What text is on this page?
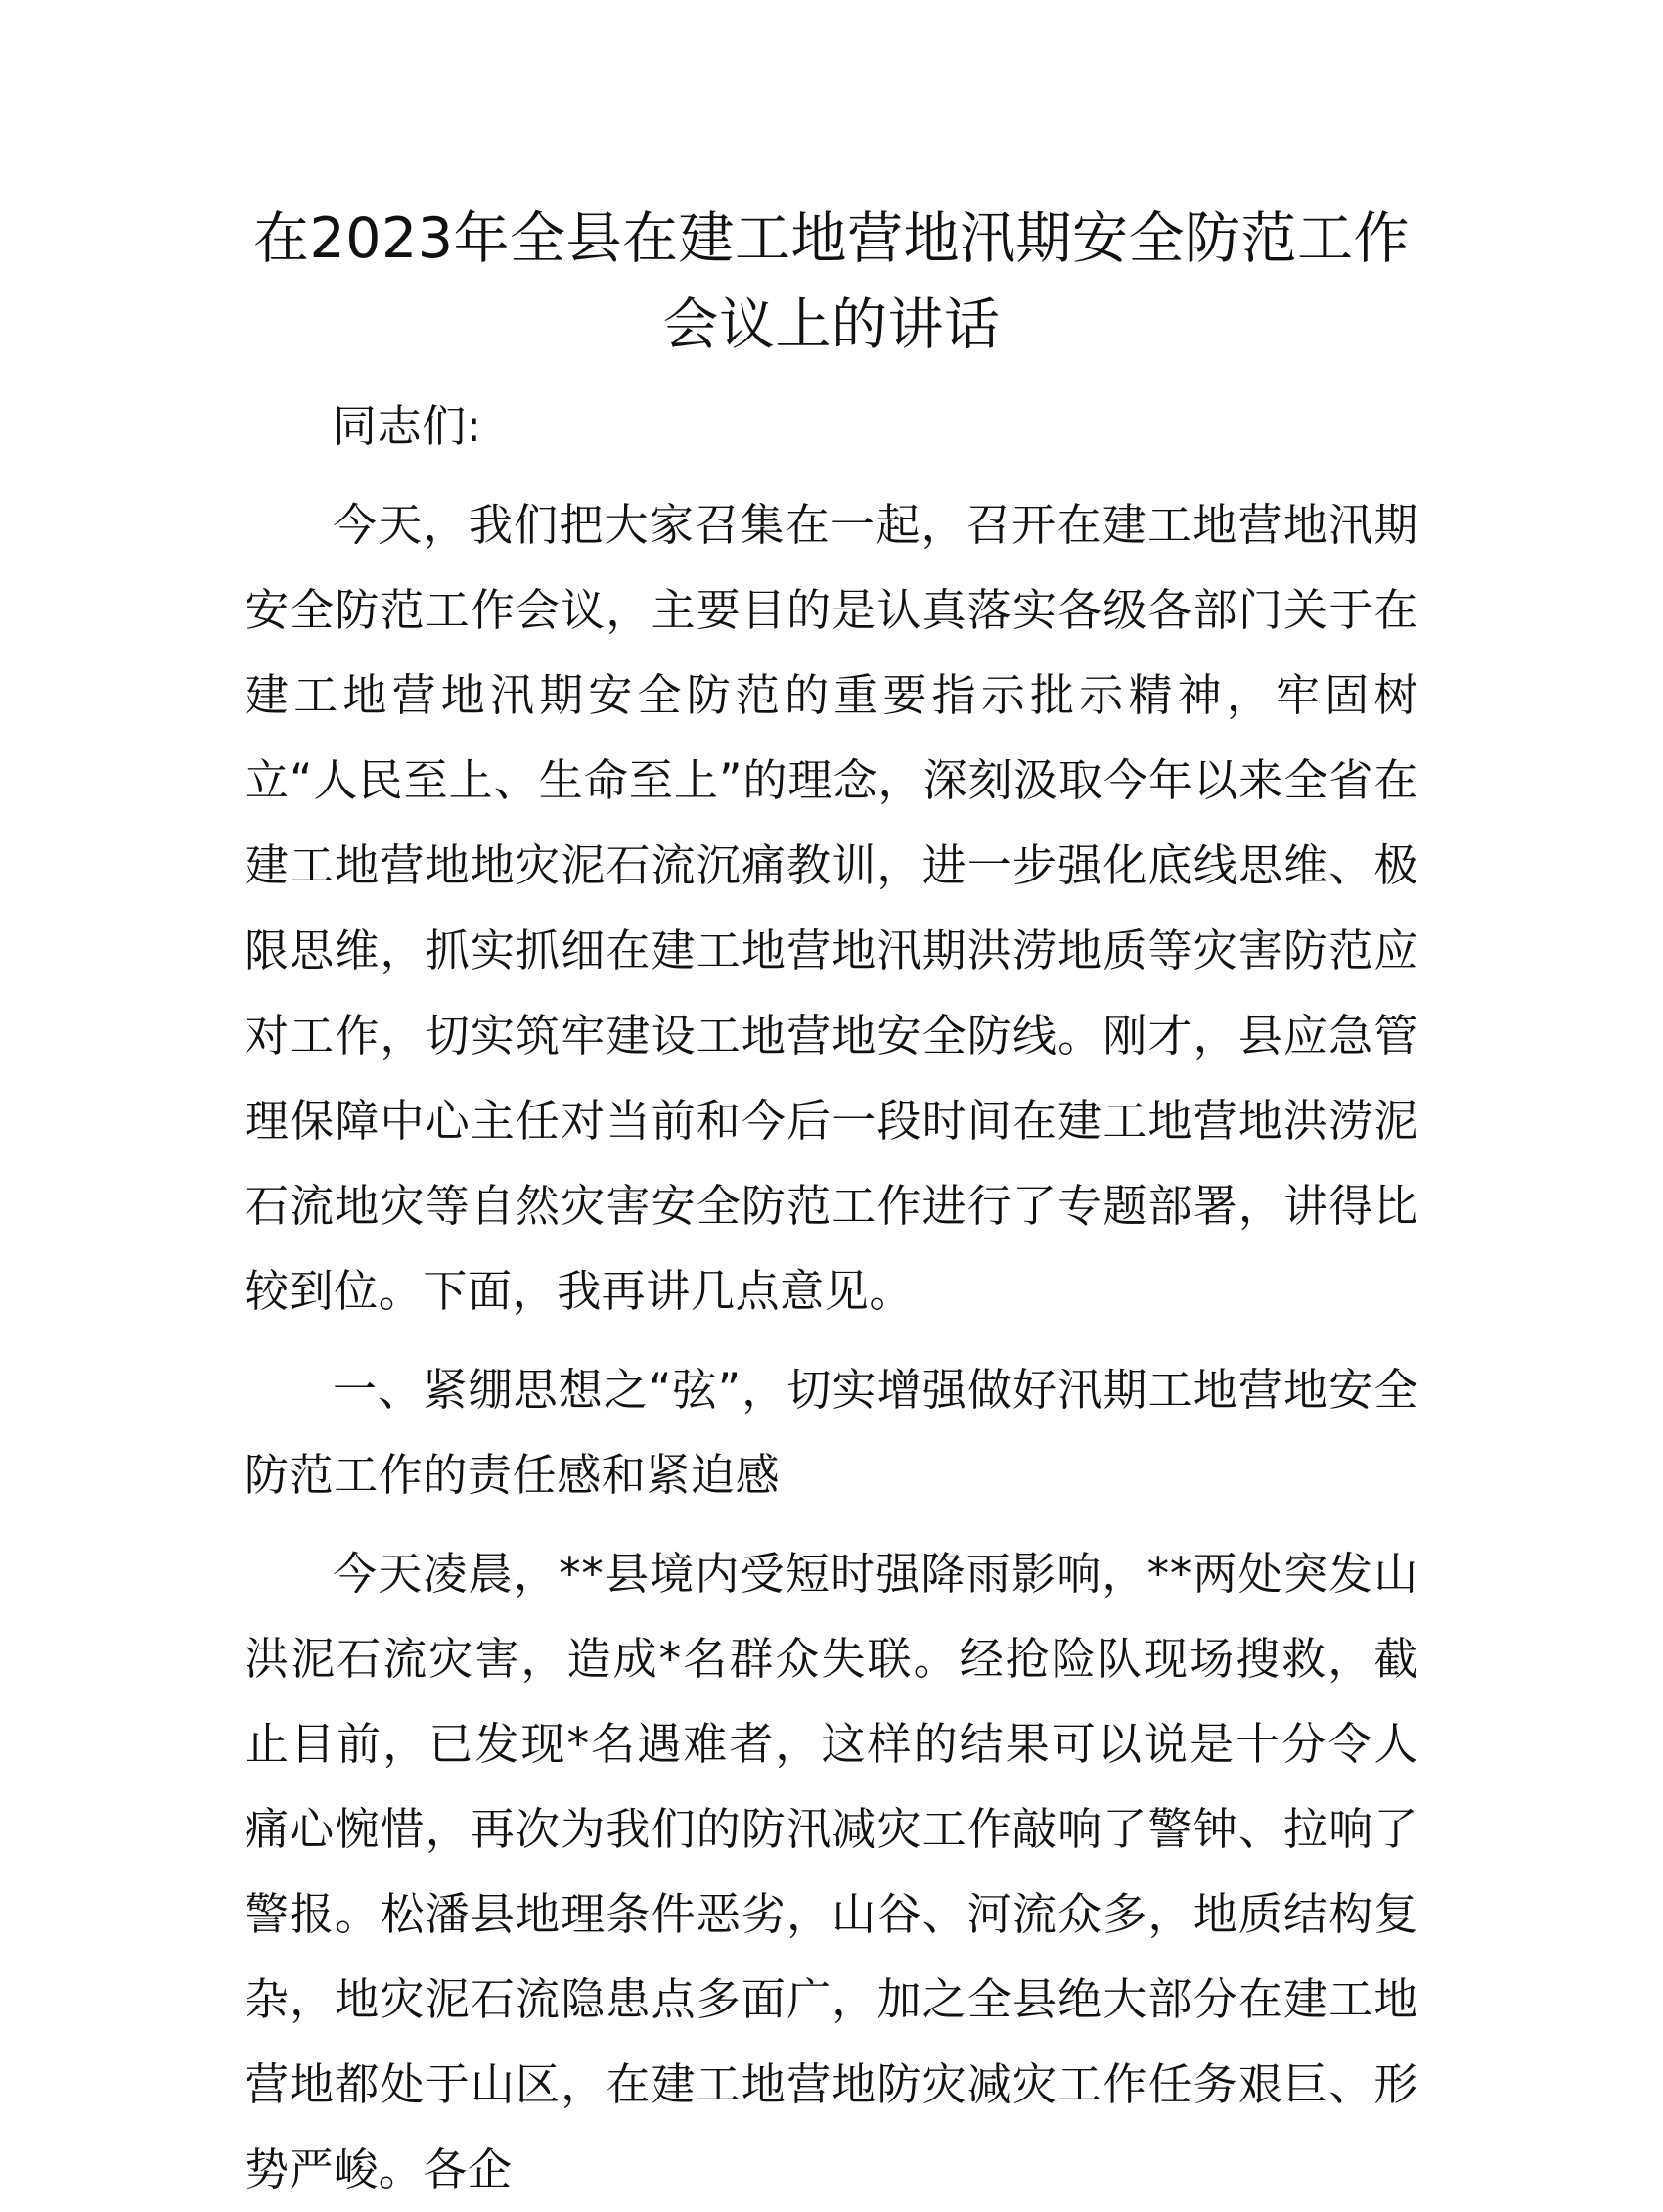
在2023年全县在建工地营地汛期安全防范工作
会议上的讲话

同志们:

今天，我们把大家召集在一起，召开在建工地营地汛期安全防范工作会议，主要目的是认真落实各级各部门关于在建工地营地汛期安全防范的重要指示批示精神，牢固树立“人民至上、生命至上”的理念，深刻汲取今年以来全省在建工地营地地灾泥石流沉痛教训，进一步强化底线思维、极限思维，抓实抓细在建工地营地汛期洪涝地质等灾害防范应对工作，切实筑牢建设工地营地安全防线。刚才，县应急管理保障中心主任对当前和今后一段时间在建工地营地洪涝泥石流地灾等自然灾害安全防范工作进行了专题部署，讲得比较到位。下面，我再讲几点意见。

一、紧绷思想之“弦”，切实增强做好汛期工地营地安全防范工作的责任感和紧迫感

今天凌晨，**县境内受短时强降雨影响，**两处突发山洪泥石流灾害，造成*名群众失联。经抢险队现场搜救，截止目前，已发现*名遇难者，这样的结果可以说是十分令人痛心惋惜，再次为我们的防汛减灾工作敲响了警钟、拉响了警报。松潘县地理条件恶劣，山谷、河流众多，地质结构复杂，地灾泥石流隐患点多面广，加之全县绝大部分在建工地营地都处于山区，在建工地营地防灾减灾工作任务艰巨、形势严峻。各企
